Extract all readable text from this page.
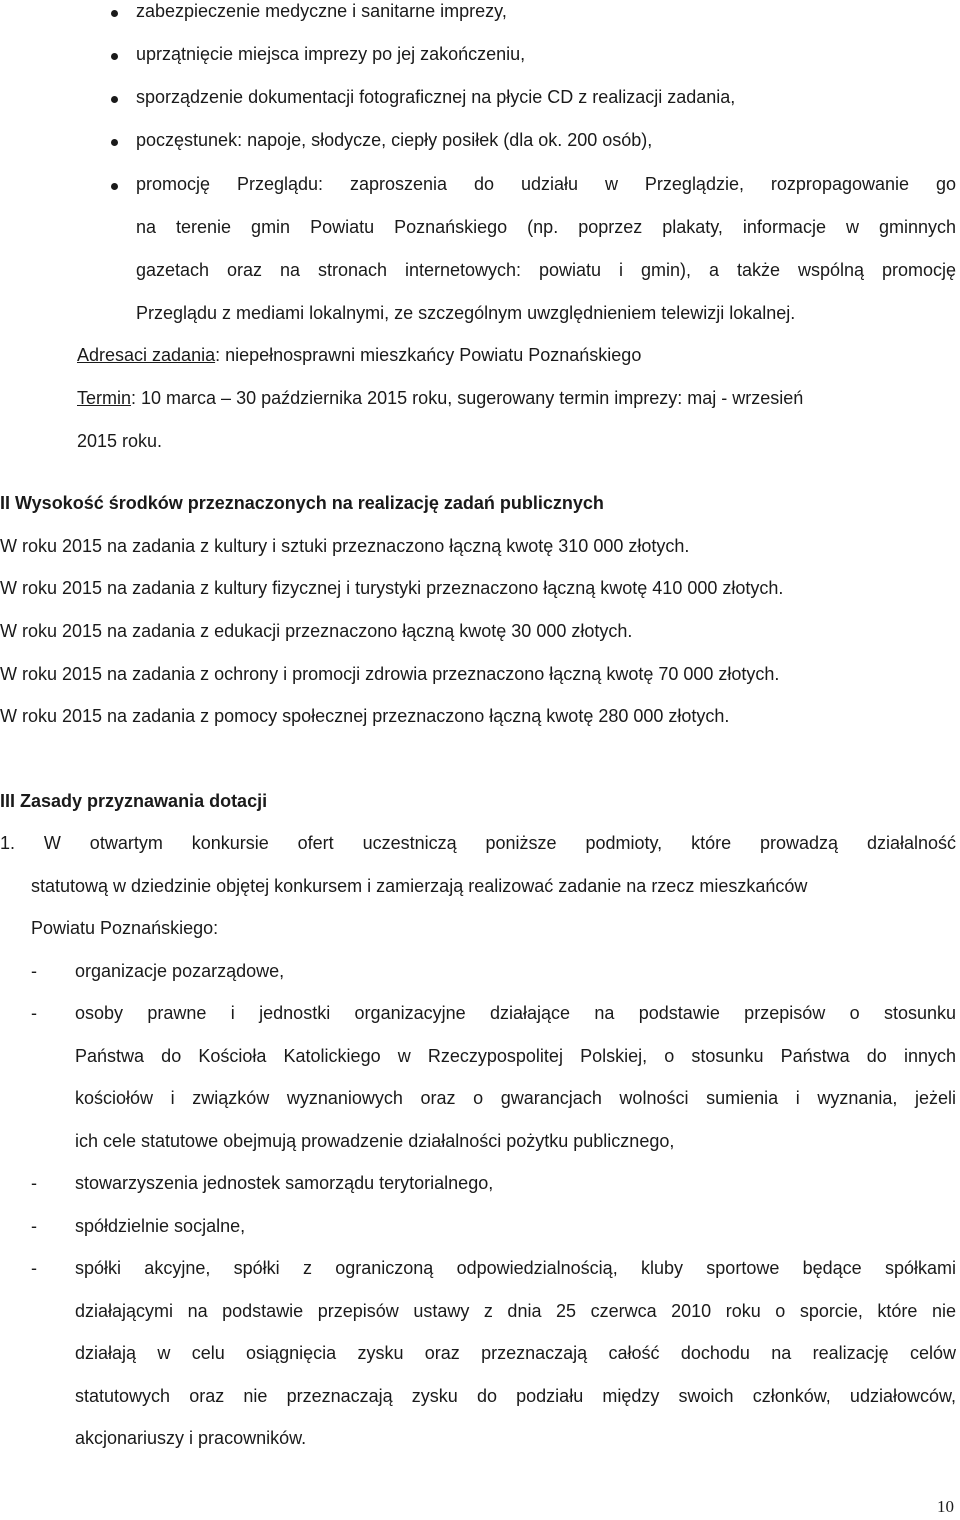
zabezpieczenie medyczne i sanitarne imprezy,
uprzątnięcie miejsca imprezy po jej zakończeniu,
sporządzenie dokumentacji fotograficznej na płycie CD z realizacji zadania,
poczęstunek: napoje, słodycze, ciepły posiłek (dla ok. 200 osób),
promocję Przeglądu: zaproszenia do udziału w Przeglądzie, rozpropagowanie go
na terenie gmin Powiatu Poznańskiego (np. poprzez plakaty, informacje w gminnych
gazetach oraz na stronach internetowych: powiatu i gmin), a także wspólną promocję
Przeglądu z mediami lokalnymi, ze szczególnym uwzględnieniem telewizji lokalnej.
Adresaci zadania: niepełnosprawni mieszkańcy Powiatu Poznańskiego
Termin: 10 marca – 30 października 2015 roku, sugerowany termin imprezy: maj - wrzesień
2015 roku.
II Wysokość środków przeznaczonych na realizację zadań publicznych
W roku 2015 na zadania z kultury i sztuki przeznaczono łączną kwotę 310 000 złotych.
W roku 2015 na zadania z kultury fizycznej i turystyki przeznaczono łączną kwotę 410 000 złotych.
W roku 2015 na zadania z edukacji przeznaczono łączną kwotę 30 000 złotych.
W roku 2015 na zadania z ochrony i promocji zdrowia przeznaczono łączną kwotę 70 000 złotych.
W roku 2015 na zadania z pomocy społecznej przeznaczono łączną kwotę 280 000 złotych.
III Zasady przyznawania dotacji
1. W otwartym konkursie ofert uczestniczą poniższe podmioty, które prowadzą działalność
statutową w dziedzinie objętej konkursem i zamierzają realizować zadanie na rzecz mieszkańców
Powiatu Poznańskiego:
- organizacje pozarządowe,
- osoby prawne i jednostki organizacyjne działające na podstawie przepisów o stosunku
Państwa do Kościoła Katolickiego w Rzeczypospolitej Polskiej, o stosunku Państwa do innych
kościołów i związków wyznaniowych oraz o gwarancjach wolności sumienia i wyznania, jeżeli
ich cele statutowe obejmują prowadzenie działalności pożytku publicznego,
- stowarzyszenia jednostek samorządu terytorialnego,
- spółdzielnie socjalne,
- spółki akcyjne, spółki z ograniczoną odpowiedzialnością, kluby sportowe będące spółkami
działającymi na podstawie przepisów ustawy z dnia 25 czerwca 2010 roku o sporcie, które nie
działają w celu osiągnięcia zysku oraz przeznaczają całość dochodu na realizację celów
statutowych oraz nie przeznaczają zysku do podziału między swoich członków, udziałowców,
akcjonariuszy i pracowników.
10
